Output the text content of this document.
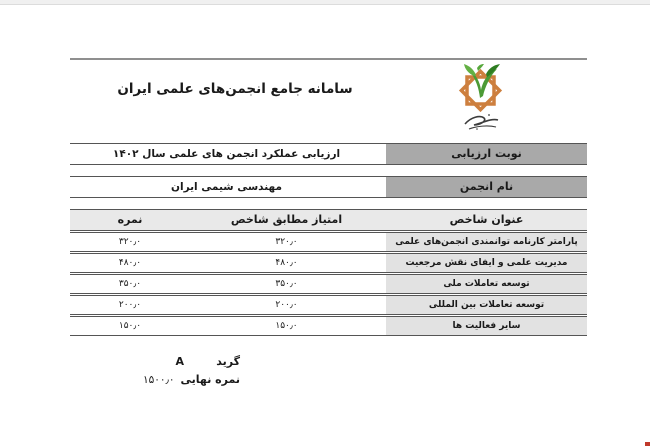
سامانه جامع انجمن‌های علمی ایران
نوبت ارزیابی
ارزیابی عملکرد انجمن های علمی سال ۱۴۰۲
نام انجمن
مهندسی شیمی ایران
عنوان شاخص
امتیاز مطابق شاخص
نمره
پارامتر کارنامه توانمندی انجمن‌های علمی
۳۲۰٫۰
۳۲۰٫۰
مدیریت علمی و ایفای نقش مرجعیت
۴۸۰٫۰
۴۸۰٫۰
توسعه تعاملات ملی
۳۵۰٫۰
۳۵۰٫۰
توسعه تعاملات بین المللی
۲۰۰٫۰
۲۰۰٫۰
سایر فعالیت ها
۱۵۰٫۰
۱۵۰٫۰
گرید
A
نمره نهایی
۱۵۰۰٫۰
